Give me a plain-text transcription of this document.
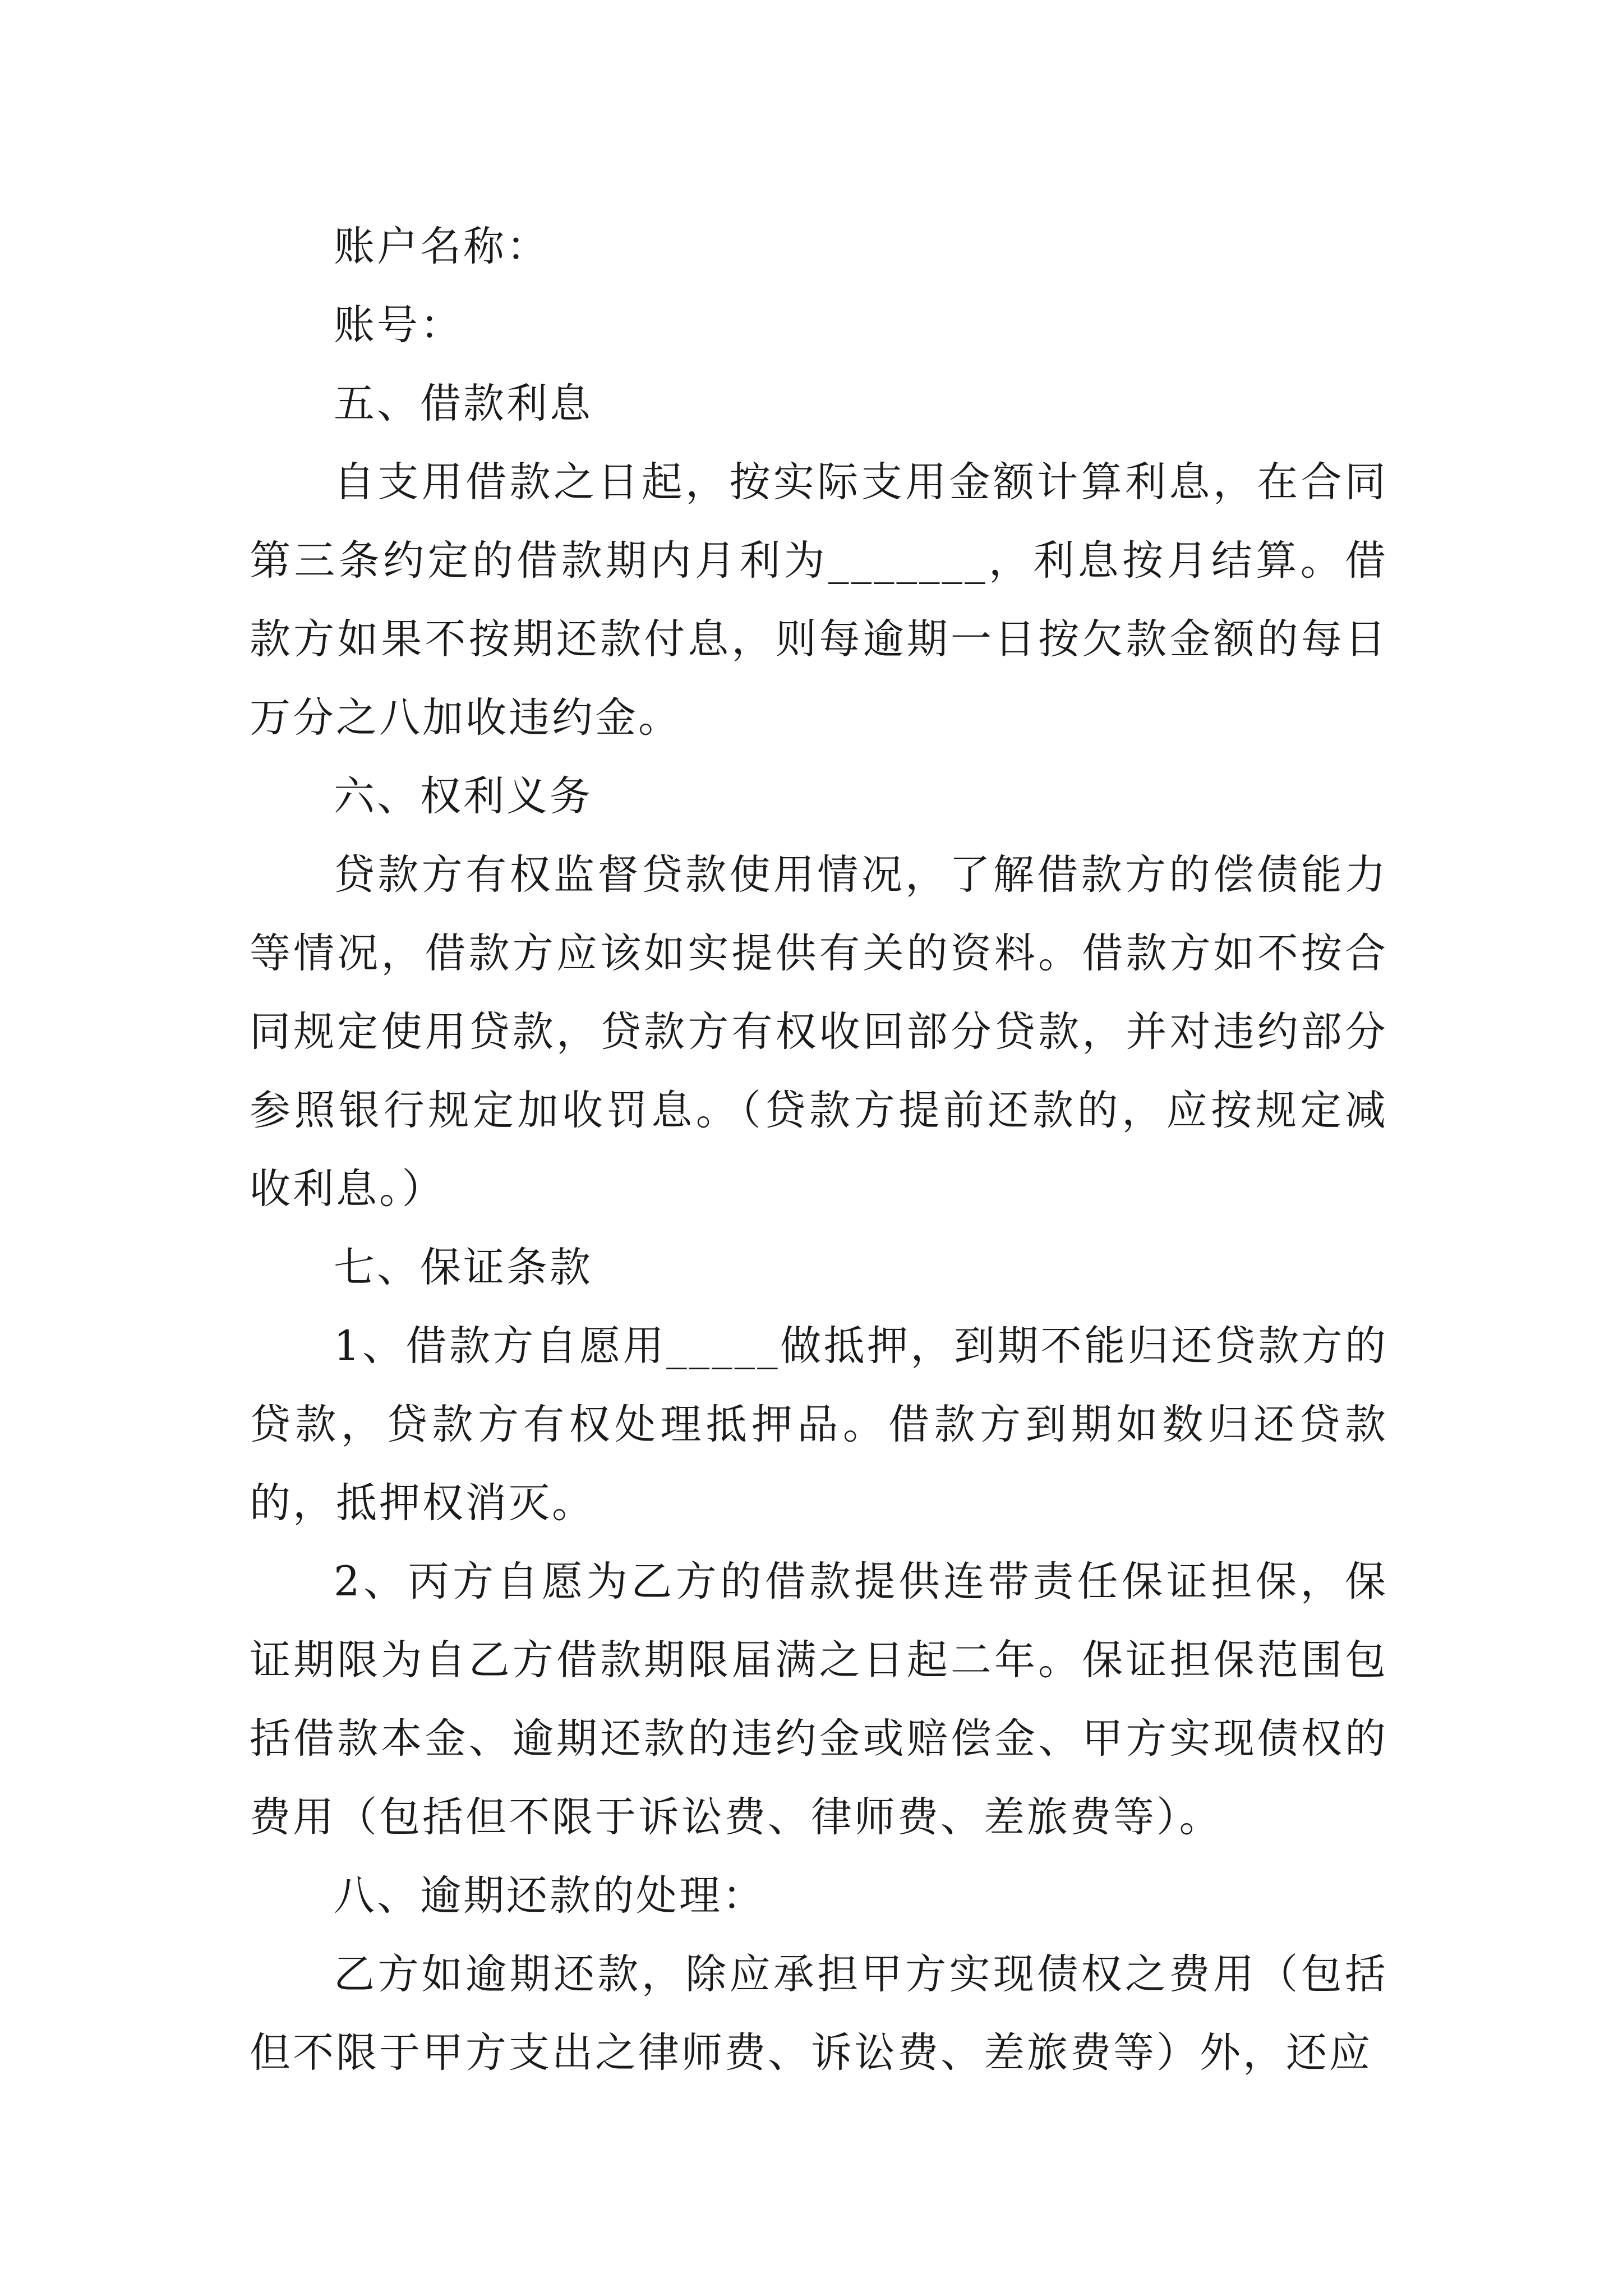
账户名称：

账号：

五、借款利息

自支用借款之日起，按实际支用金额计算利息，在合同第三条约定的借款期内月利为_______，利息按月结算。借款方如果不按期还款付息，则每逾期一日按欠款金额的每日万分之八加收违约金。

六、权利义务

贷款方有权监督贷款使用情况，了解借款方的偿债能力等情况，借款方应该如实提供有关的资料。借款方如不按合同规定使用贷款，贷款方有权收回部分贷款，并对违约部分参照银行规定加收罚息。（贷款方提前还款的，应按规定减收利息。）

七、保证条款

1、借款方自愿用_____做抵押，到期不能归还贷款方的贷款，贷款方有权处理抵押品。借款方到期如数归还贷款的，抵押权消灭。

2、丙方自愿为乙方的借款提供连带责任保证担保，保证期限为自乙方借款期限届满之日起二年。保证担保范围包括借款本金、逾期还款的违约金或赔偿金、甲方实现债权的费用（包括但不限于诉讼费、律师费、差旅费等）。

八、逾期还款的处理：

乙方如逾期还款，除应承担甲方实现债权之费用（包括但不限于甲方支出之律师费、诉讼费、差旅费等）外，还应
